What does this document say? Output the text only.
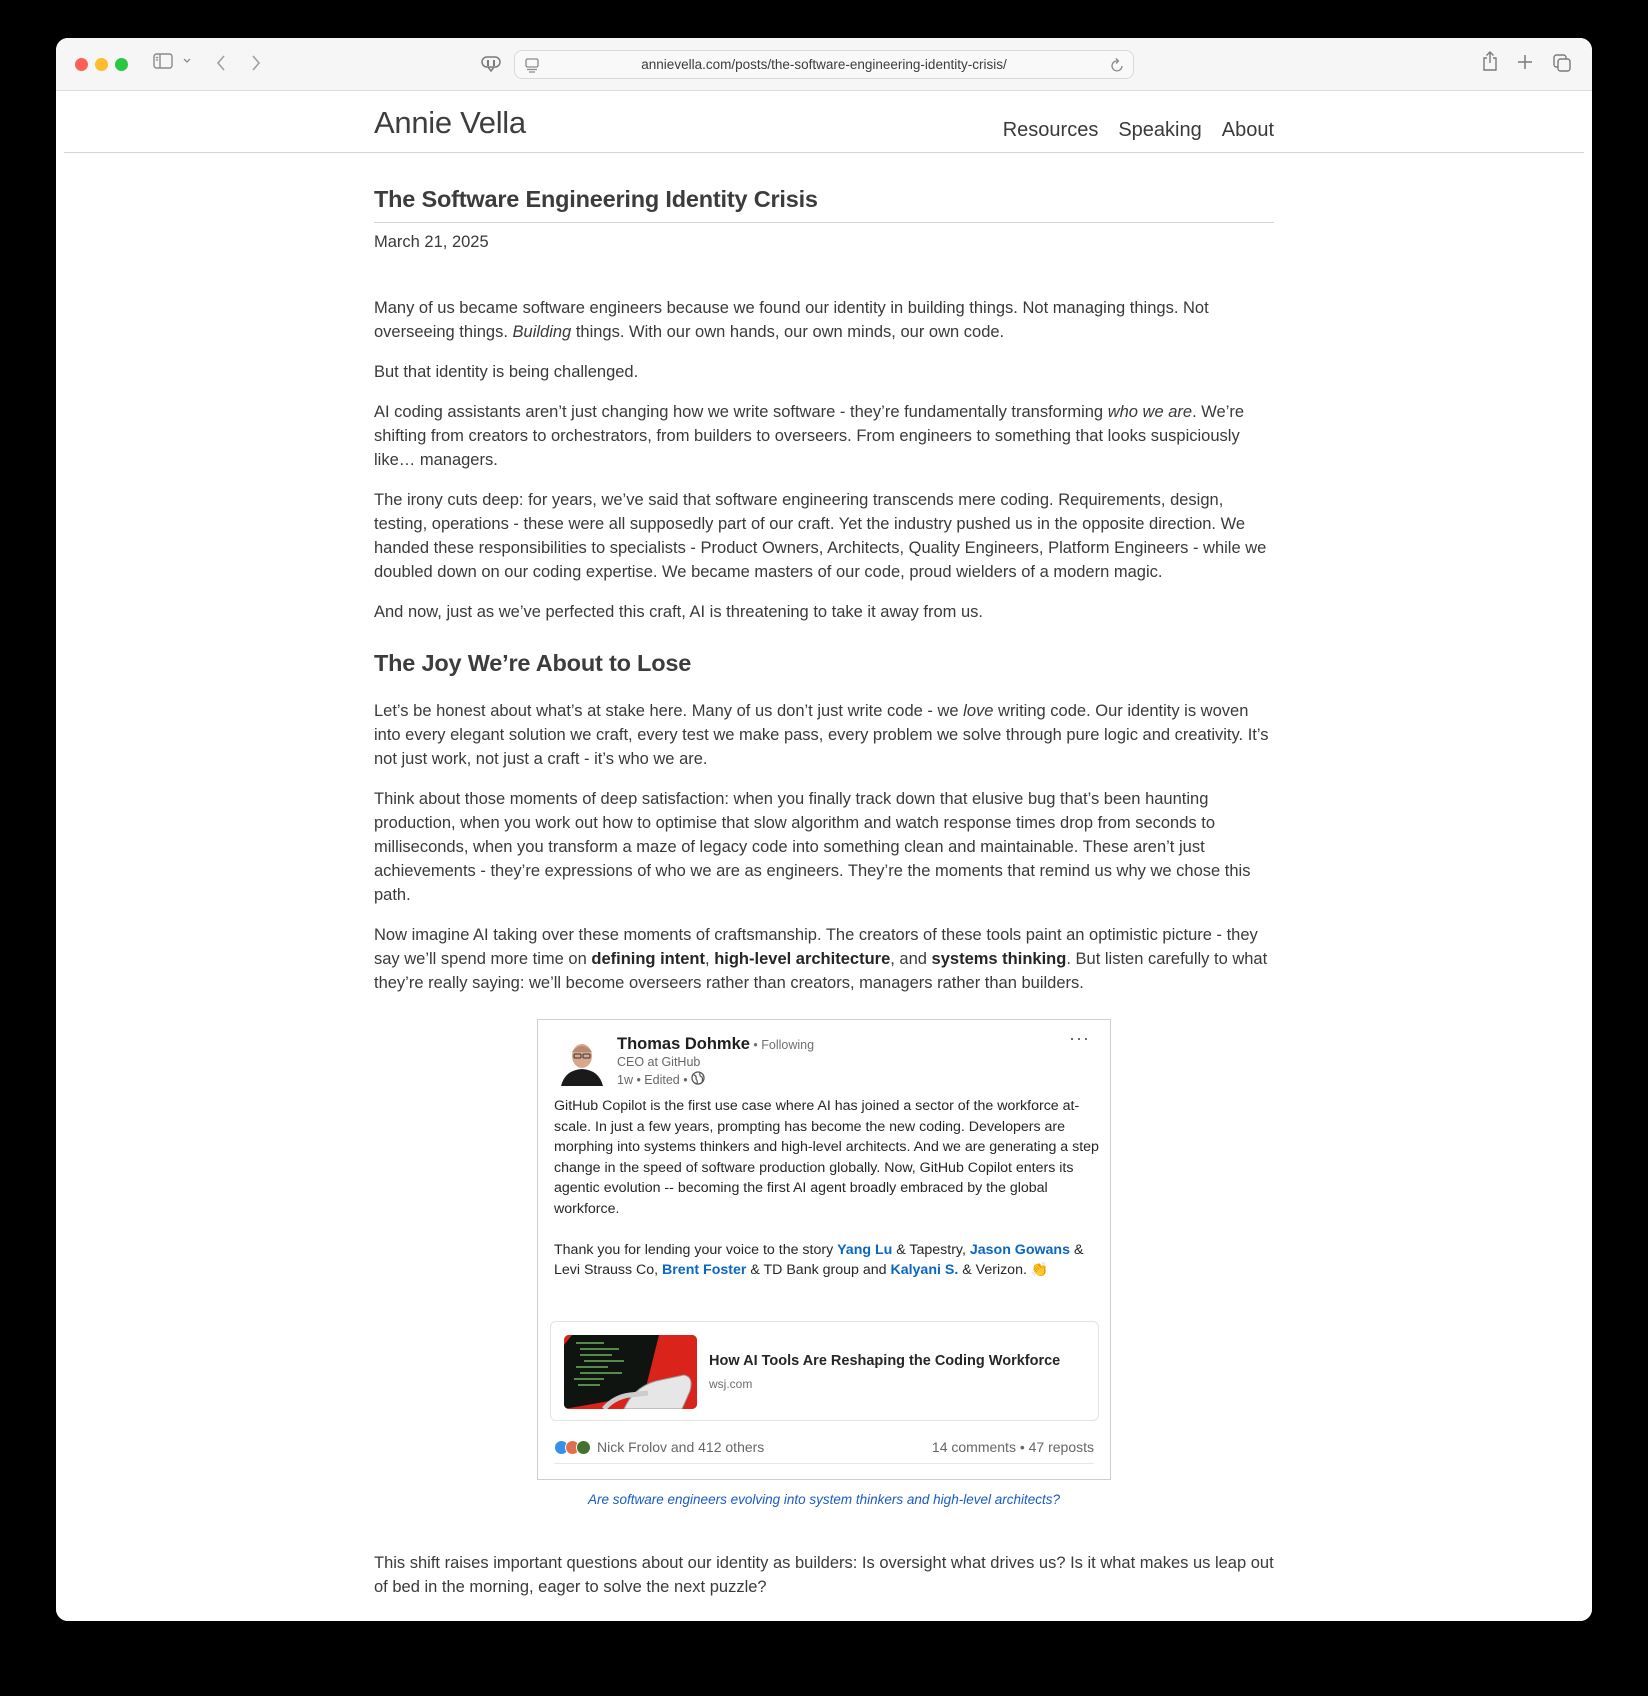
annievella.com/posts/the-software-engineering-identity-crisis/
Annie Vella	Resources Speaking About
The Software Engineering Identity Crisis
March 21, 2025

Many of us became software engineers because we found our identity in building things. Not managing things. Not overseeing things. Building things. With our own hands, our own minds, our own code.

But that identity is being challenged.

AI coding assistants aren’t just changing how we write software - they’re fundamentally transforming who we are. We’re shifting from creators to orchestrators, from builders to overseers. From engineers to something that looks suspiciously like… managers.

The irony cuts deep: for years, we’ve said that software engineering transcends mere coding. Requirements, design, testing, operations - these were all supposedly part of our craft. Yet the industry pushed us in the opposite direction. We handed these responsibilities to specialists - Product Owners, Architects, Quality Engineers, Platform Engineers - while we doubled down on our coding expertise. We became masters of our code, proud wielders of a modern magic.

And now, just as we’ve perfected this craft, AI is threatening to take it away from us.

The Joy We’re About to Lose

Let’s be honest about what’s at stake here. Many of us don’t just write code - we love writing code. Our identity is woven into every elegant solution we craft, every test we make pass, every problem we solve through pure logic and creativity. It’s not just work, not just a craft - it’s who we are.

Think about those moments of deep satisfaction: when you finally track down that elusive bug that’s been haunting production, when you work out how to optimise that slow algorithm and watch response times drop from seconds to milliseconds, when you transform a maze of legacy code into something clean and maintainable. These aren’t just achievements - they’re expressions of who we are as engineers. They’re the moments that remind us why we chose this path.

Now imagine AI taking over these moments of craftsmanship. The creators of these tools paint an optimistic picture - they say we’ll spend more time on defining intent, high-level architecture, and systems thinking. But listen carefully to what they’re really saying: we’ll become overseers rather than creators, managers rather than builders.

Thomas Dohmke • Following
CEO at GitHub
1w • Edited •
···
GitHub Copilot is the first use case where AI has joined a sector of the workforce at-scale. In just a few years, prompting has become the new coding. Developers are morphing into systems thinkers and high-level architects. And we are generating a step change in the speed of software production globally. Now, GitHub Copilot enters its agentic evolution -- becoming the first AI agent broadly embraced by the global workforce.
Thank you for lending your voice to the story Yang Lu & Tapestry, Jason Gowans & Levi Strauss Co, Brent Foster & TD Bank group and Kalyani S. & Verizon. 👏
How AI Tools Are Reshaping the Coding Workforce
wsj.com
Nick Frolov and 412 others	14 comments • 47 reposts
Are software engineers evolving into system thinkers and high-level architects?

This shift raises important questions about our identity as builders: Is oversight what drives us? Is it what makes us leap out of bed in the morning, eager to solve the next puzzle?
